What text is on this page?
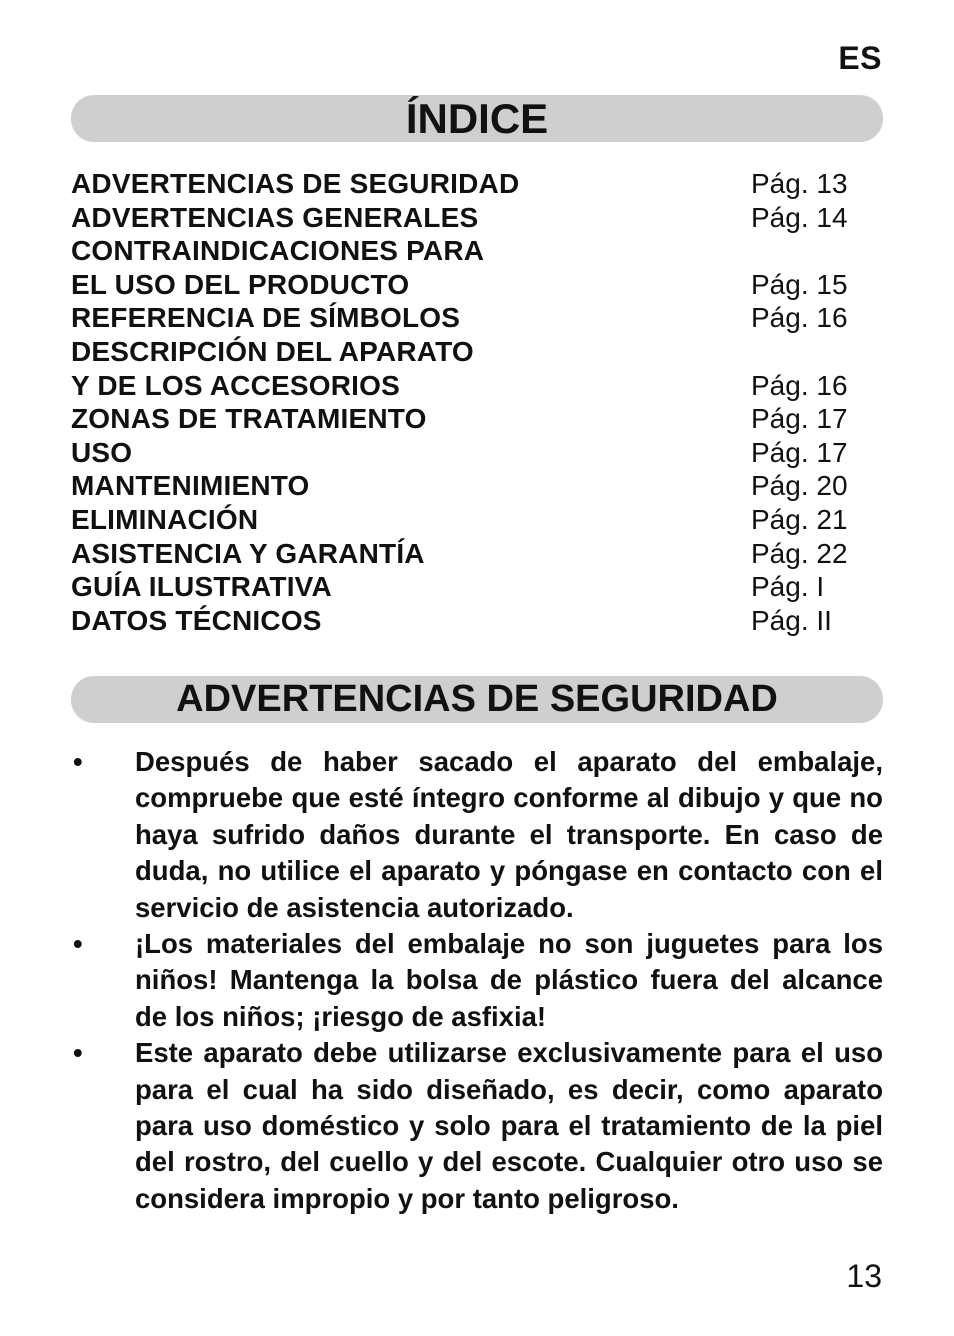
ES
ÍNDICE
ADVERTENCIAS DE SEGURIDAD	Pág. 13
ADVERTENCIAS GENERALES	Pág. 14
CONTRAINDICACIONES PARA
EL USO DEL PRODUCTO	Pág. 15
REFERENCIA DE SÍMBOLOS	Pág. 16
DESCRIPCIÓN DEL APARATO
Y DE LOS ACCESORIOS	Pág. 16
ZONAS DE TRATAMIENTO	Pág. 17
USO	Pág. 17
MANTENIMIENTO	Pág. 20
ELIMINACIÓN	Pág. 21
ASISTENCIA Y GARANTÍA	Pág. 22
GUÍA ILUSTRATIVA	Pág. I
DATOS TÉCNICOS	Pág. II
ADVERTENCIAS DE SEGURIDAD
•	Después de haber sacado el aparato del embalaje, compruebe que esté íntegro conforme al dibujo y que no haya sufrido daños durante el transporte. En caso de duda, no utilice el aparato y póngase en contacto con el servicio de asistencia autorizado.
•	¡Los materiales del embalaje no son juguetes para los niños! Mantenga la bolsa de plástico fuera del alcance de los niños; ¡riesgo de asfixia!
•	Este aparato debe utilizarse exclusivamente para el uso para el cual ha sido diseñado, es decir, como aparato para uso doméstico y solo para el tratamiento de la piel del rostro, del cuello y del escote. Cualquier otro uso se considera impropio y por tanto peligroso.
13
